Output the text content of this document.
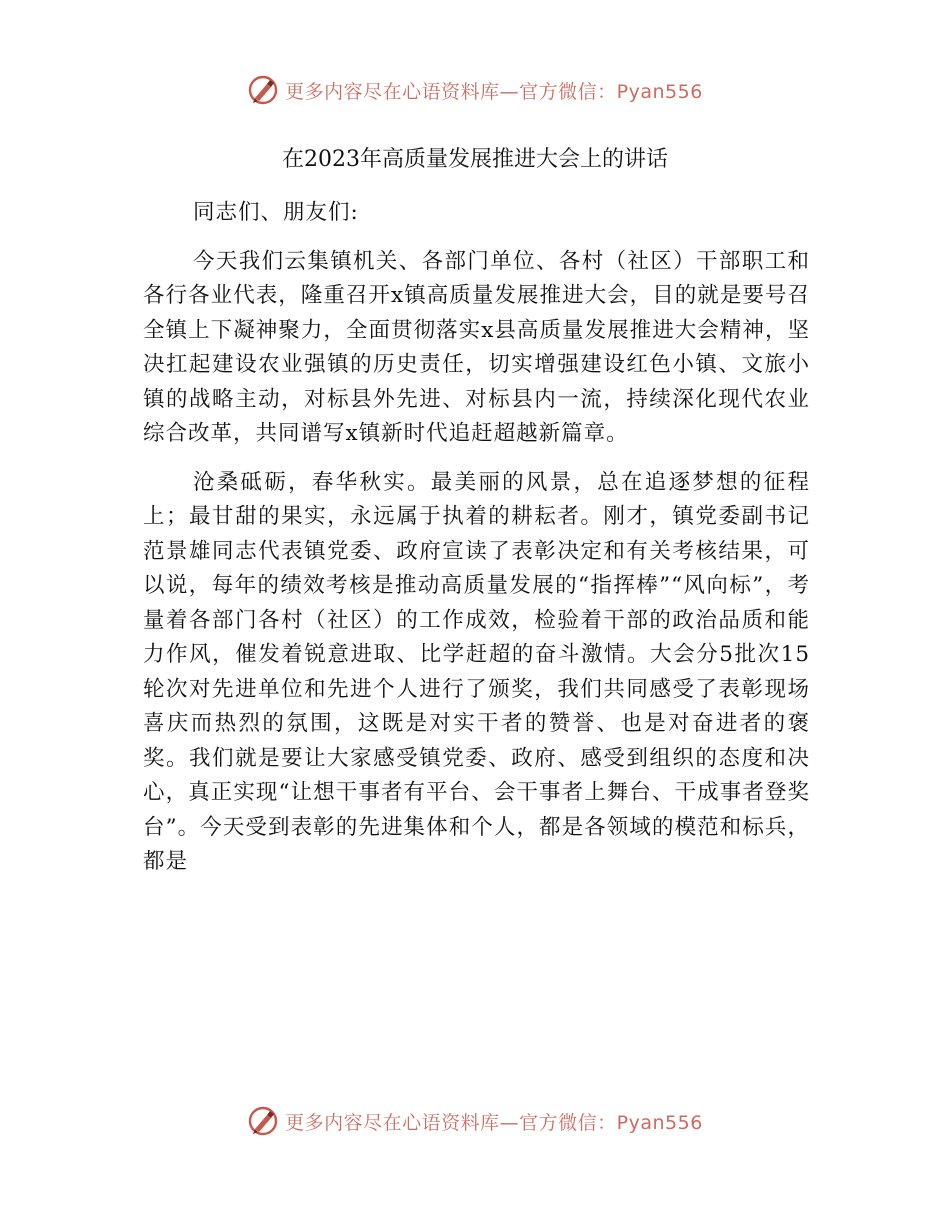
更多内容尽在心语资料库—官方微信：Pyan556
在2023年高质量发展推进大会上的讲话

同志们、朋友们:

今天我们云集镇机关、各部门单位、各村（社区）干部职工和各行各业代表，隆重召开x镇高质量发展推进大会，目的就是要号召全镇上下凝神聚力，全面贯彻落实x县高质量发展推进大会精神，坚决扛起建设农业强镇的历史责任，切实增强建设红色小镇、文旅小镇的战略主动，对标县外先进、对标县内一流，持续深化现代农业综合改革，共同谱写x镇新时代追赶超越新篇章。

沧桑砥砺，春华秋实。最美丽的风景，总在追逐梦想的征程上；最甘甜的果实，永远属于执着的耕耘者。刚才，镇党委副书记范景雄同志代表镇党委、政府宣读了表彰决定和有关考核结果，可以说，每年的绩效考核是推动高质量发展的“指挥棒”“风向标”，考量着各部门各村（社区）的工作成效，检验着干部的政治品质和能力作风，催发着锐意进取、比学赶超的奋斗激情。大会分5批次15轮次对先进单位和先进个人进行了颁奖，我们共同感受了表彰现场喜庆而热烈的氛围，这既是对实干者的赞誉、也是对奋进者的褒奖。我们就是要让大家感受镇党委、政府、感受到组织的态度和决心，真正实现“让想干事者有平台、会干事者上舞台、干成事者登奖台”。今天受到表彰的先进集体和个人，都是各领域的模范和标兵，都是

更多内容尽在心语资料库—官方微信：Pyan556
